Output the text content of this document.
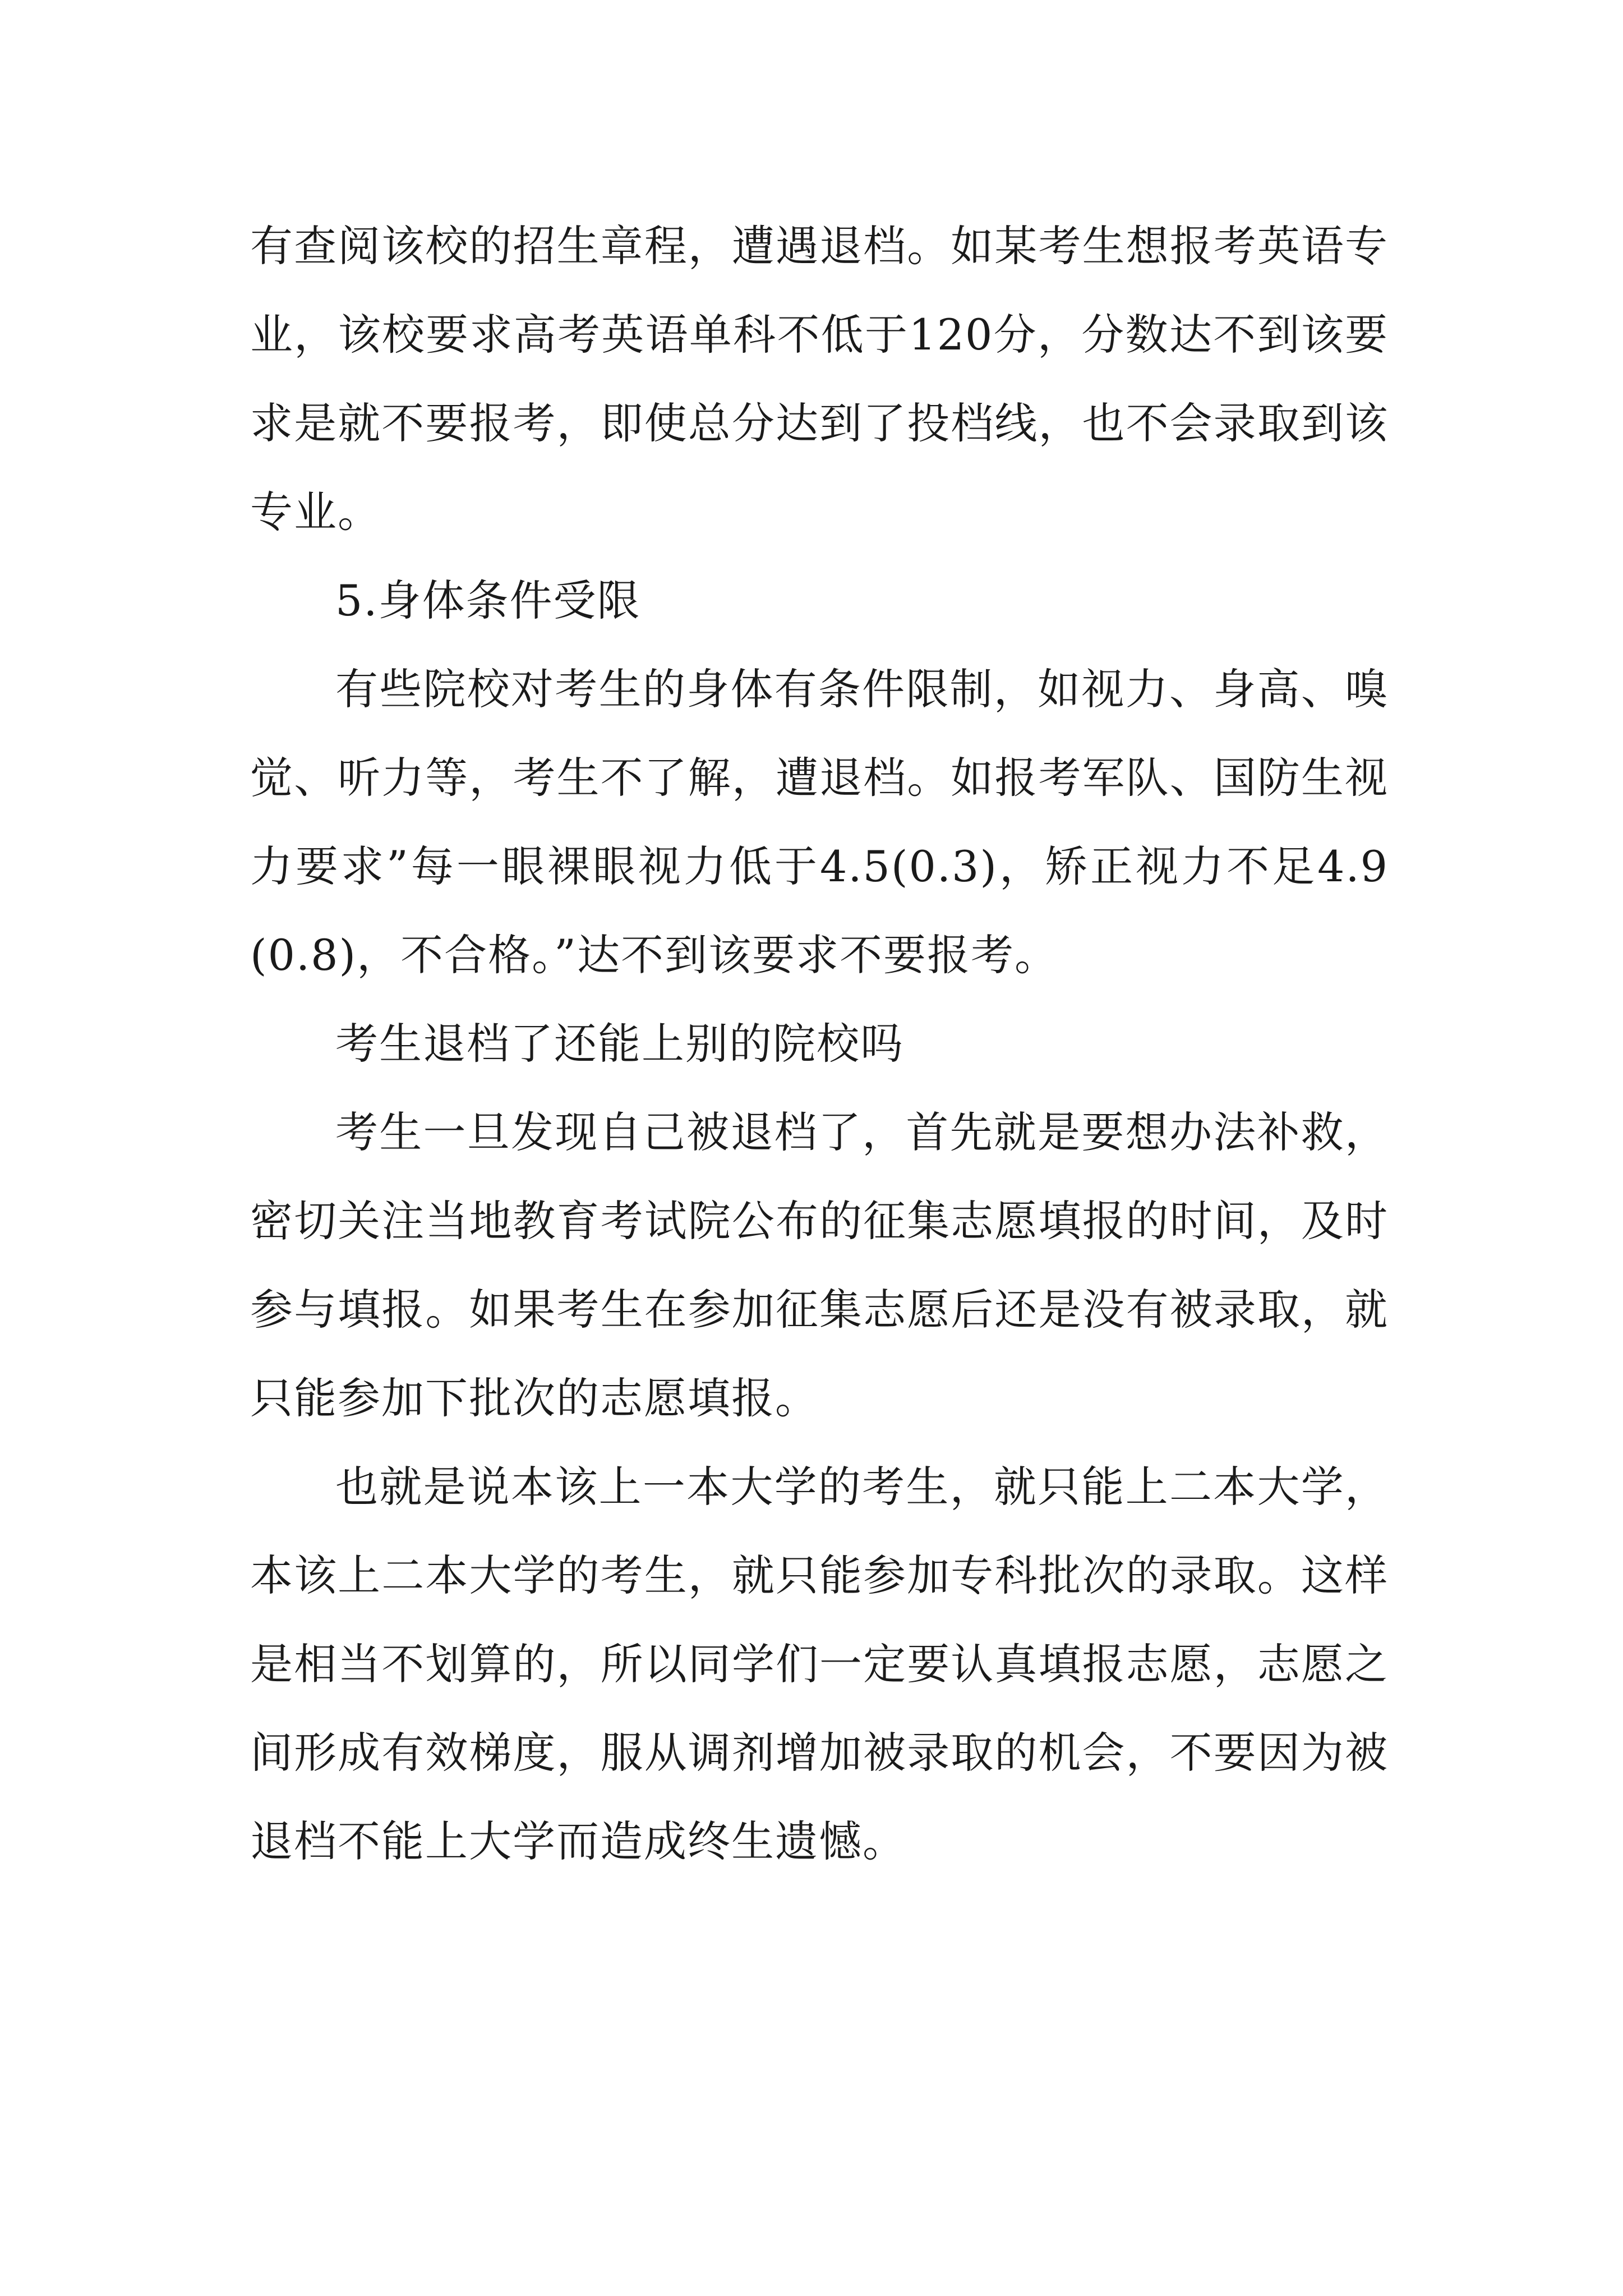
有查阅该校的招生章程，遭遇退档。如某考生想报考英语专业，该校要求高考英语单科不低于120分，分数达不到该要求是就不要报考，即使总分达到了投档线，也不会录取到该专业。

5.身体条件受限

有些院校对考生的身体有条件限制，如视力、身高、嗅觉、听力等，考生不了解，遭退档。如报考军队、国防生视力要求”每一眼裸眼视力低于4.5(0.3)，矫正视力不足4.9(0.8)，不合格。”达不到该要求不要报考。

考生退档了还能上别的院校吗

考生一旦发现自己被退档了，首先就是要想办法补救，密切关注当地教育考试院公布的征集志愿填报的时间，及时参与填报。如果考生在参加征集志愿后还是没有被录取，就只能参加下批次的志愿填报。

也就是说本该上一本大学的考生，就只能上二本大学，本该上二本大学的考生，就只能参加专科批次的录取。这样是相当不划算的，所以同学们一定要认真填报志愿，志愿之间形成有效梯度，服从调剂增加被录取的机会，不要因为被退档不能上大学而造成终生遗憾。
